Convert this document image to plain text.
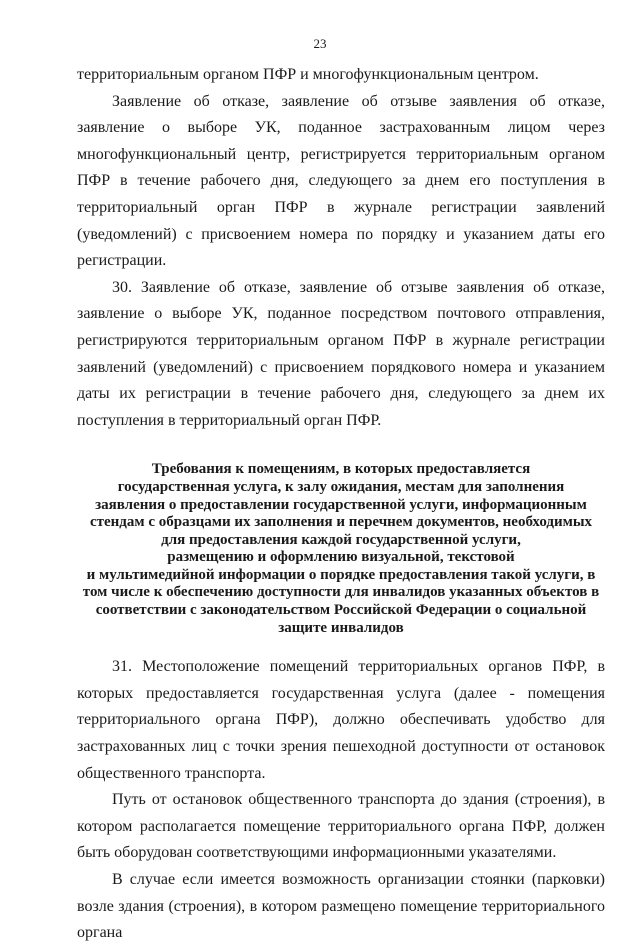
23

территориальным органом ПФР и многофункциональным центром.

Заявление об отказе, заявление об отзыве заявления об отказе, заявление о выборе УК, поданное застрахованным лицом через многофункциональный центр, регистрируется территориальным органом ПФР в течение рабочего дня, следующего за днем его поступления в территориальный орган ПФР в журнале регистрации заявлений (уведомлений) с присвоением номера по порядку и указанием даты его регистрации.

30. Заявление об отказе, заявление об отзыве заявления об отказе, заявление о выборе УК, поданное посредством почтового отправления, регистрируются территориальным органом ПФР в журнале регистрации заявлений (уведомлений) с присвоением порядкового номера и указанием даты их регистрации в течение рабочего дня, следующего за днем их поступления в территориальный орган ПФР.

Требования к помещениям, в которых предоставляется
государственная услуга, к залу ожидания, местам для заполнения
заявления о предоставлении государственной услуги, информационным
стендам с образцами их заполнения и перечнем документов, необходимых
для предоставления каждой государственной услуги,
размещению и оформлению визуальной, текстовой
и мультимедийной информации о порядке предоставления такой услуги, в
том числе к обеспечению доступности для инвалидов указанных объектов в
соответствии с законодательством Российской Федерации о социальной
защите инвалидов

31. Местоположение помещений территориальных органов ПФР, в которых предоставляется государственная услуга (далее - помещения территориального органа ПФР), должно обеспечивать удобство для застрахованных лиц с точки зрения пешеходной доступности от остановок общественного транспорта.

Путь от остановок общественного транспорта до здания (строения), в котором располагается помещение территориального органа ПФР, должен быть оборудован соответствующими информационными указателями.

В случае если имеется возможность организации стоянки (парковки) возле здания (строения), в котором размещено помещение территориального органа
